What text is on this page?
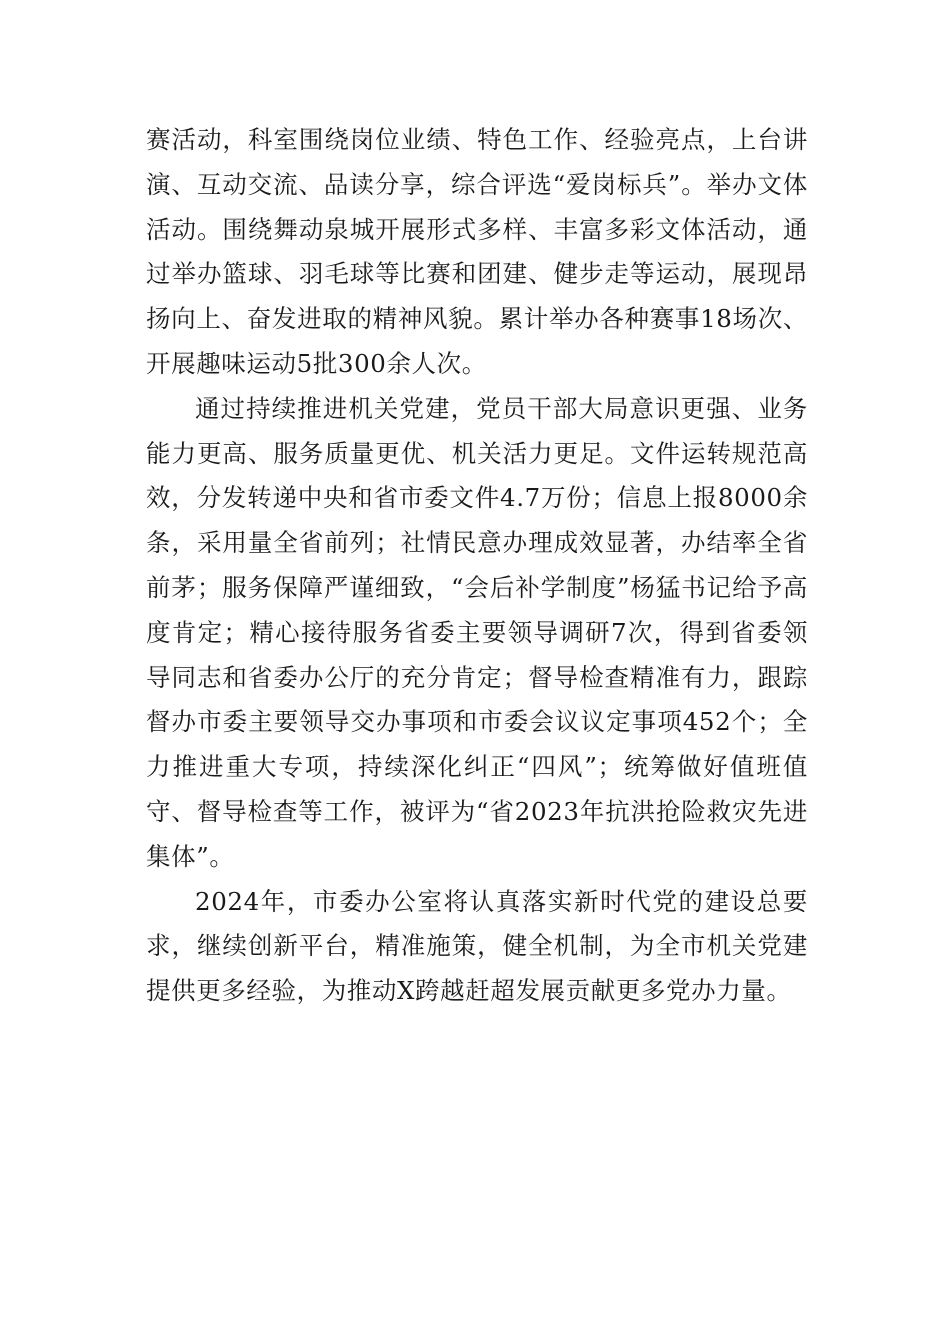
赛活动，科室围绕岗位业绩、特色工作、经验亮点，上台讲演、互动交流、品读分享，综合评选“爱岗标兵”。举办文体活动。围绕舞动泉城开展形式多样、丰富多彩文体活动，通过举办篮球、羽毛球等比赛和团建、健步走等运动，展现昂扬向上、奋发进取的精神风貌。累计举办各种赛事18场次、开展趣味运动5批300余人次。

通过持续推进机关党建，党员干部大局意识更强、业务能力更高、服务质量更优、机关活力更足。文件运转规范高效，分发转递中央和省市委文件4.7万份；信息上报8000余条，采用量全省前列；社情民意办理成效显著，办结率全省前茅；服务保障严谨细致，“会后补学制度”杨猛书记给予高度肯定；精心接待服务省委主要领导调研7次，得到省委领导同志和省委办公厅的充分肯定；督导检查精准有力，跟踪督办市委主要领导交办事项和市委会议议定事项452个；全力推进重大专项，持续深化纠正“四风”；统筹做好值班值守、督导检查等工作，被评为“省2023年抗洪抢险救灾先进集体”。

2024年，市委办公室将认真落实新时代党的建设总要求，继续创新平台，精准施策，健全机制，为全市机关党建提供更多经验，为推动X跨越赶超发展贡献更多党办力量。
